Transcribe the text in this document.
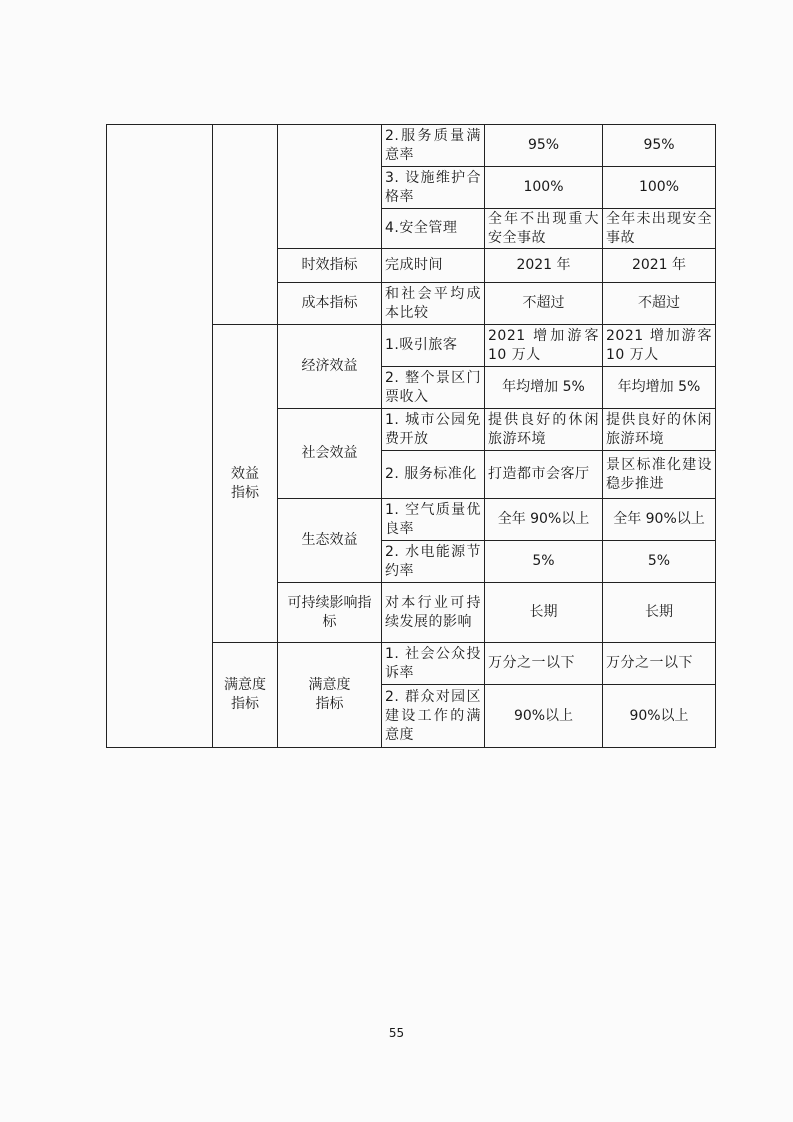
			2.服务质量满意率	95%	95%
			3. 设施维护合格率	100%	100%
			4.安全管理	全年不出现重大安全事故	全年未出现安全事故
		时效指标	完成时间	2021 年	2021 年
		成本指标	和社会平均成本比较	不超过	不超过
	效益指标	经济效益	1.吸引旅客	2021 增加游客10 万人	2021 增加游客10 万人
			2. 整个景区门票收入	年均增加 5%	年均增加 5%
		社会效益	1. 城市公园免费开放	提供良好的休闲旅游环境	提供良好的休闲旅游环境
			2. 服务标准化	打造都市会客厅	景区标准化建设稳步推进
		生态效益	1. 空气质量优良率	全年 90%以上	全年 90%以上
			2. 水电能源节约率	5%	5%
		可持续影响指标	对本行业可持续发展的影响	长期	长期
	满意度指标	满意度指标	1. 社会公众投诉率	万分之一以下	万分之一以下
			2. 群众对园区建设工作的满意度	90%以上	90%以上
55
